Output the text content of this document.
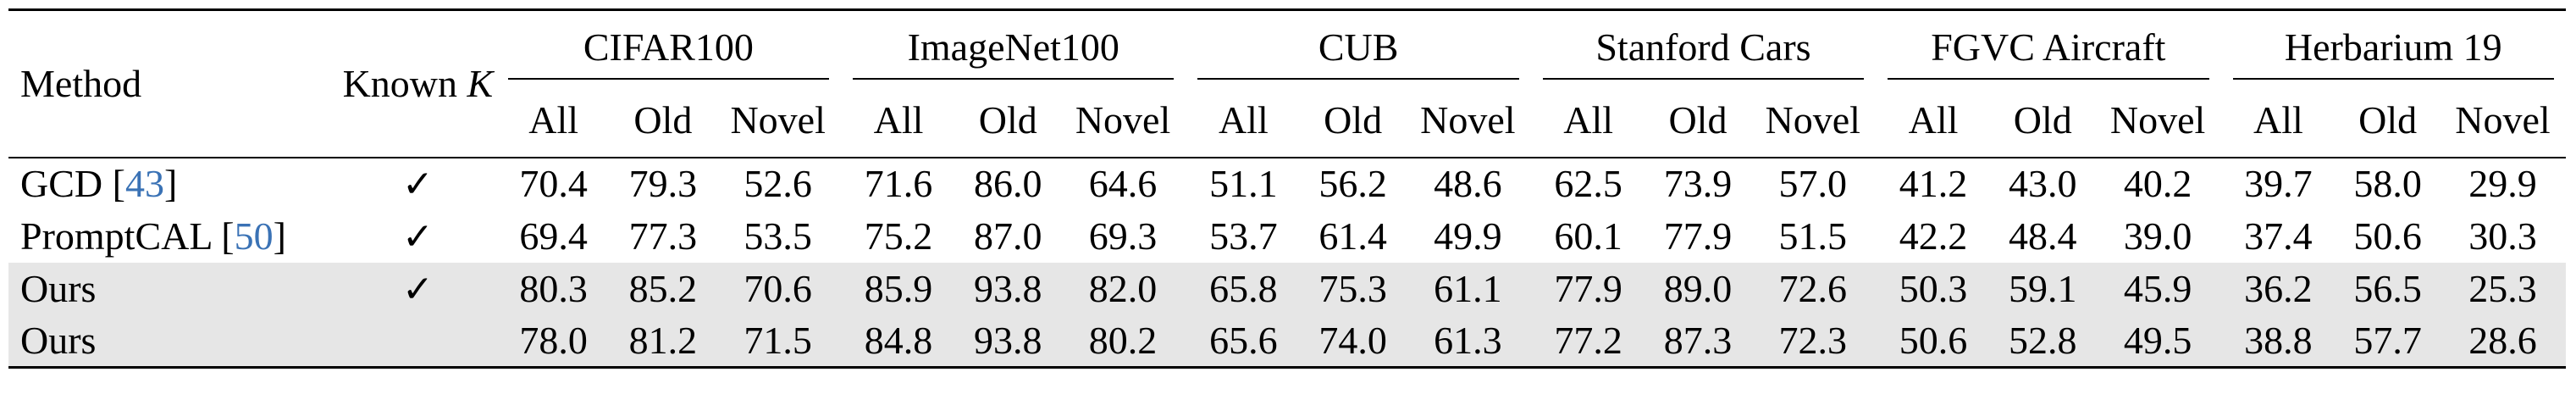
Method	Known K	CIFAR100			ImageNet100			CUB			Stanford Cars			FGVC Aircraft			Herbarium 19		

		All	Old	Novel	All	Old	Novel	All	Old	Novel	All	Old	Novel	All	Old	Novel	All	Old	Novel
GCD [43]	✓	70.4	79.3	52.6	71.6	86.0	64.6	51.1	56.2	48.6	62.5	73.9	57.0	41.2	43.0	40.2	39.7	58.0	29.9
PromptCAL [50]	✓	69.4	77.3	53.5	75.2	87.0	69.3	53.7	61.4	49.9	60.1	77.9	51.5	42.2	48.4	39.0	37.4	50.6	30.3
Ours	✓	80.3	85.2	70.6	85.9	93.8	82.0	65.8	75.3	61.1	77.9	89.0	72.6	50.3	59.1	45.9	36.2	56.5	25.3
Ours		78.0	81.2	71.5	84.8	93.8	80.2	65.6	74.0	61.3	77.2	87.3	72.3	50.6	52.8	49.5	38.8	57.7	28.6
